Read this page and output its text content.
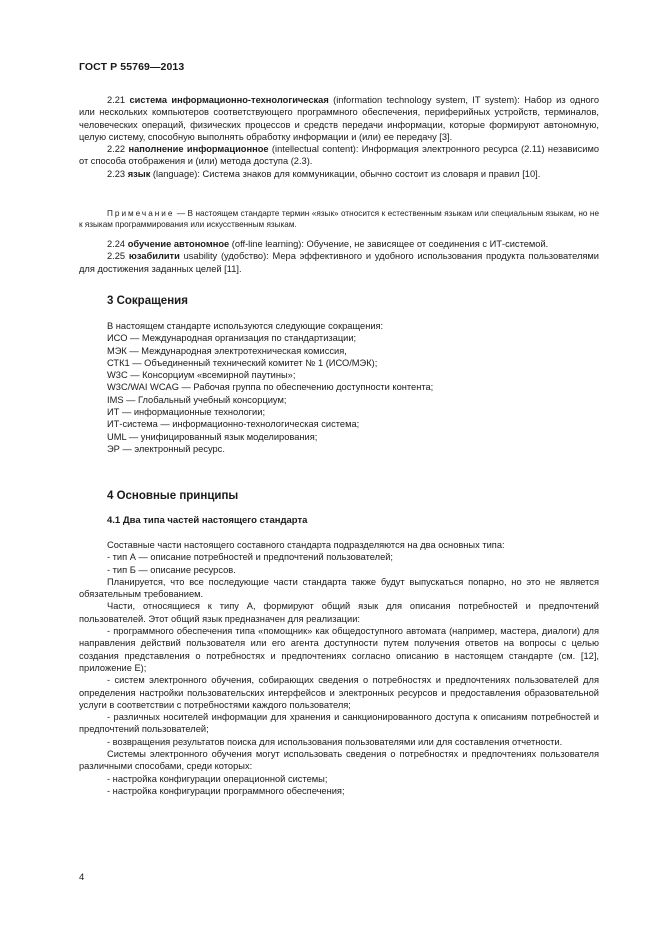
ГОСТ Р 55769—2013

2.21 система информационно-технологическая (information technology system, IT system): Набор из одного или нескольких компьютеров соответствующего программного обеспечения, периферийных устройств, терминалов, человеческих операций, физических процессов и средств передачи информации, которые формируют автономную, целую систему, способную выполнять обработку информации и (или) ее передачу [3].

2.22 наполнение информационное (intellectual content): Информация электронного ресурса (2.11) независимо от способа отображения и (или) метода доступа (2.3).

2.23 язык (language): Система знаков для коммуникации, обычно состоит из словаря и правил [10].

Примечание — В настоящем стандарте термин «язык» относится к естественным языкам или специальным языкам, но не к языкам программирования или искусственным языкам.

2.24 обучение автономное (off-line learning): Обучение, не зависящее от соединения с ИТ-системой.

2.25 юзабилити usability (удобство): Мера эффективного и удобного использования продукта пользователями для достижения заданных целей [11].

3 Сокращения
В настоящем стандарте используются следующие сокращения:
ИСО — Международная организация по стандартизации;
МЭК — Международная электротехническая комиссия,
СТК1 — Объединенный технический комитет № 1 (ИСО/МЭК);
W3C — Консорциум «всемирной паутины»;
W3C/WAI WCAG — Рабочая группа по обеспечению доступности контента;
IMS — Глобальный учебный консорциум;
ИТ — информационные технологии;
ИТ-система — информационно-технологическая система;
UML — унифицированный язык моделирования;
ЭР — электронный ресурс.
4 Основные принципы
4.1 Два типа частей настоящего стандарта

Составные части настоящего составного стандарта подразделяются на два основных типа:

- тип А — описание потребностей и предпочтений пользователей;

- тип Б — описание ресурсов.

Планируется, что все последующие части стандарта также будут выпускаться попарно, но это не является обязательным требованием.

Части, относящиеся к типу А, формируют общий язык для описания потребностей и предпочтений пользователей. Этот общий язык предназначен для реализации:

- программного обеспечения типа «помощник» как общедоступного автомата (например, мастера, диалоги) для направления действий пользователя или его агента доступности путем получения ответов на вопросы с целью создания представления о потребностях и предпочтениях согласно описанию в настоящем стандарте (см. [12], приложение Е);

- систем электронного обучения, собирающих сведения о потребностях и предпочтениях пользователей для определения настройки пользовательских интерфейсов и электронных ресурсов и предоставления образовательной услуги в соответствии с потребностями каждого пользователя;

- различных носителей информации для хранения и санкционированного доступа к описаниям потребностей и предпочтений пользователей;

- возвращения результатов поиска для использования пользователями или для составления отчетности.

Системы электронного обучения могут использовать сведения о потребностях и предпочтениях пользователя различными способами, среди которых:

- настройка конфигурации операционной системы;

- настройка конфигурации программного обеспечения;

4
